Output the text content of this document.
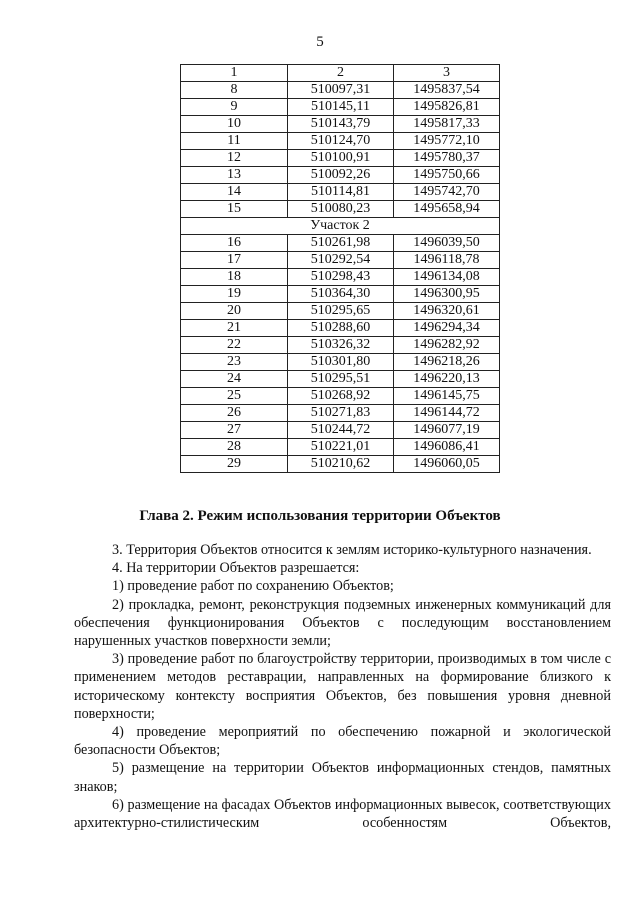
5
1	2	3
8	510097,31	1495837,54
9	510145,11	1495826,81
10	510143,79	1495817,33
11	510124,70	1495772,10
12	510100,91	1495780,37
13	510092,26	1495750,66
14	510114,81	1495742,70
15	510080,23	1495658,94
Участок 2		
16	510261,98	1496039,50
17	510292,54	1496118,78
18	510298,43	1496134,08
19	510364,30	1496300,95
20	510295,65	1496320,61
21	510288,60	1496294,34
22	510326,32	1496282,92
23	510301,80	1496218,26
24	510295,51	1496220,13
25	510268,92	1496145,75
26	510271,83	1496144,72
27	510244,72	1496077,19
28	510221,01	1496086,41
29	510210,62	1496060,05
Глава 2. Режим использования территории Объектов

3. Территория Объектов относится к землям историко-культурного назначения.

4. На территории Объектов разрешается:

1) проведение работ по сохранению Объектов;

2) прокладка, ремонт, реконструкция подземных инженерных коммуникаций для обеспечения функционирования Объектов с последующим восстановлением нарушенных участков поверхности земли;

3) проведение работ по благоустройству территории, производимых в том числе с применением методов реставрации, направленных на формирование близкого к историческому контексту восприятия Объектов, без повышения уровня дневной поверхности;

4) проведение мероприятий по обеспечению пожарной и экологической безопасности Объектов;

5) размещение на территории Объектов информационных стендов, памятных знаков;

6) размещение на фасадах Объектов информационных вывесок, соответствующих архитектурно-стилистическим особенностям Объектов,
